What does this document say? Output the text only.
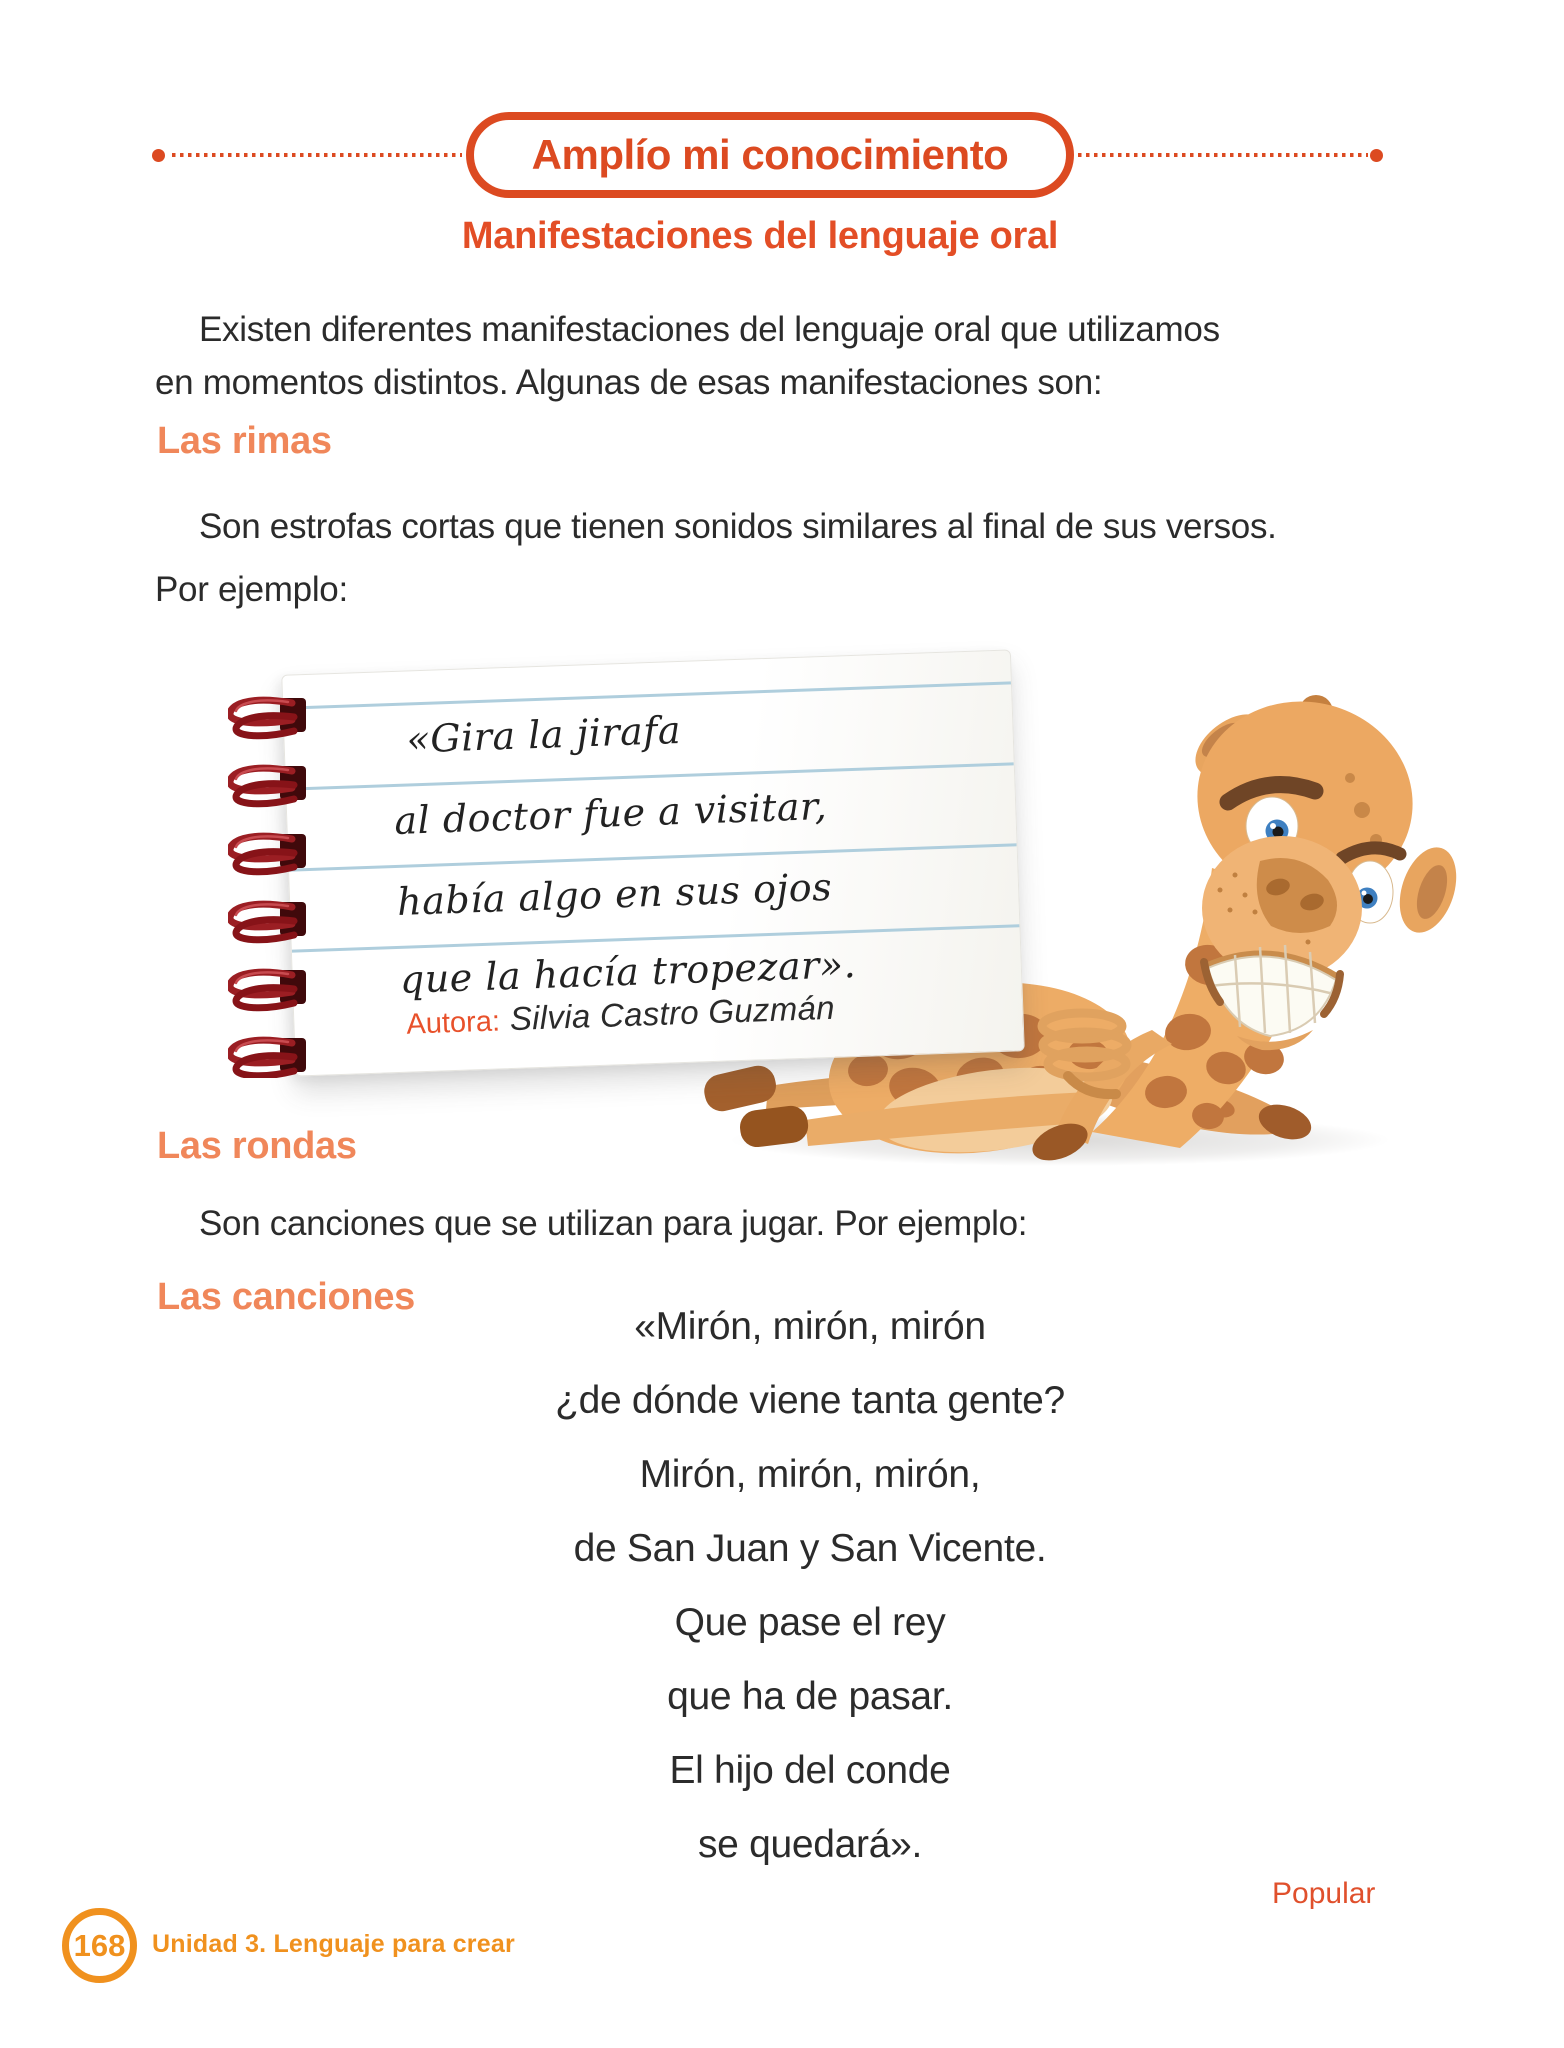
Amplío mi conocimiento
Manifestaciones del lenguaje oral
Existen diferentes manifestaciones del lenguaje oral que utilizamos
en momentos distintos. Algunas de esas manifestaciones son:
Las rimas
Son estrofas cortas que tienen sonidos similares al final de sus versos.
Por ejemplo:
«Gira la jirafa
al doctor fue a visitar,
había algo en sus ojos
que la hacía tropezar».
Autora: Silvia Castro Guzmán
Las rondas
Son canciones que se utilizan para jugar. Por ejemplo:
Las canciones
«Mirón, mirón, mirón
¿de dónde viene tanta gente?
Mirón, mirón, mirón,
de San Juan y San Vicente.
Que pase el rey
que ha de pasar.
El hijo del conde
se quedará».
Popular
168 Unidad 3. Lenguaje para crear
